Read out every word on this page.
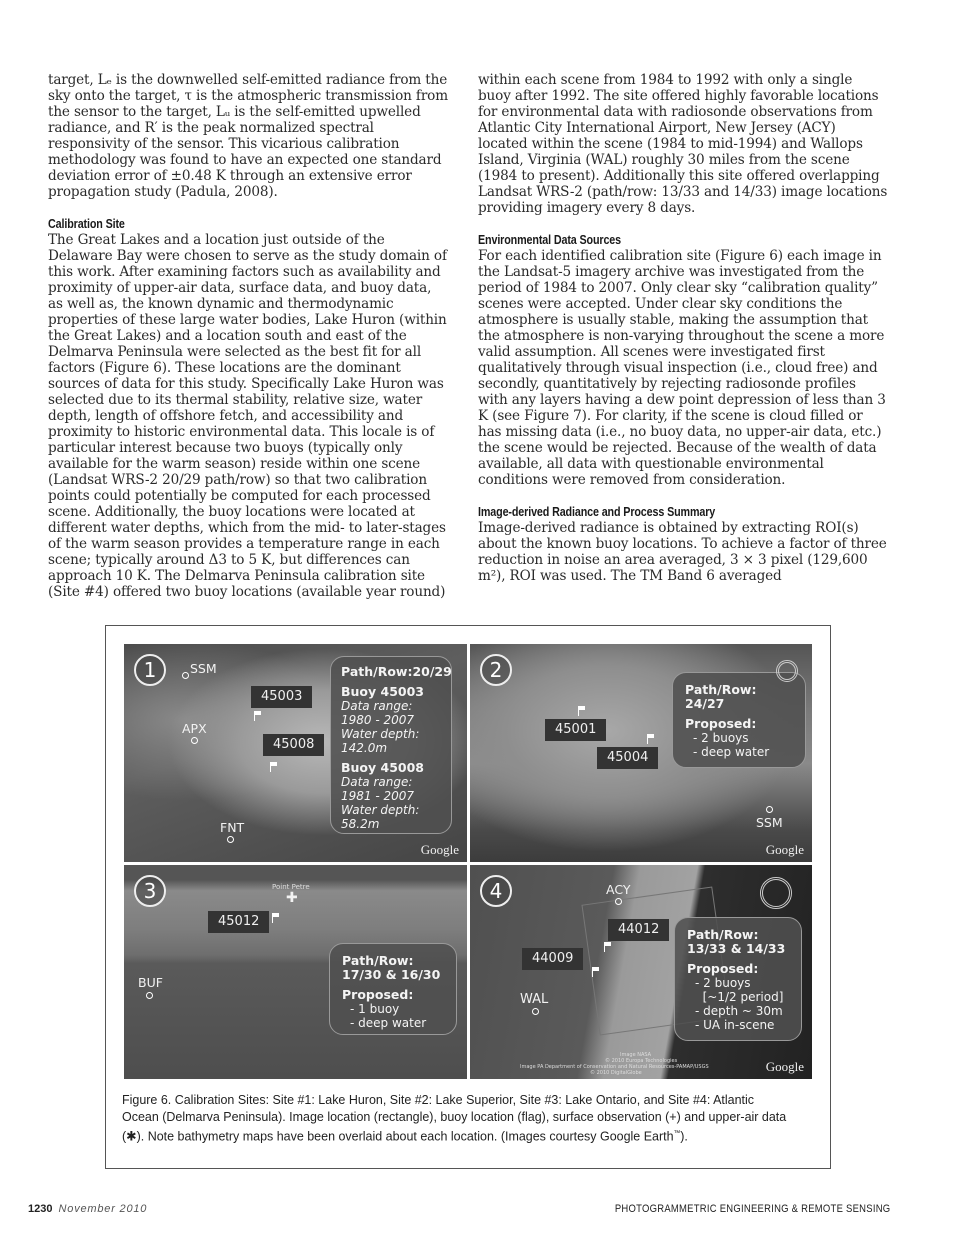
target, Lₑ is the downwelled self-emitted radiance from the sky onto the target, τ is the atmospheric transmission from the sensor to the target, Lᵤ is the self-emitted upwelled radiance, and R′ is the peak normalized spectral responsivity of the sensor. This vicarious calibration methodology was found to have an expected one standard deviation error of ±0.48 K through an extensive error propagation study (Padula, 2008).

Calibration Site

The Great Lakes and a location just outside of the Delaware Bay were chosen to serve as the study domain of this work. After examining factors such as availability and proximity of upper-air data, surface data, and buoy data, as well as, the known dynamic and thermodynamic properties of these large water bodies, Lake Huron (within the Great Lakes) and a location south and east of the Delmarva Peninsula were selected as the best fit for all factors (Figure 6). These locations are the dominant sources of data for this study. Specifically Lake Huron was selected due to its thermal stability, relative size, water depth, length of offshore fetch, and accessibility and proximity to historic environmental data. This locale is of particular interest because two buoys (typically only available for the warm season) reside within one scene (Landsat WRS-2 20/29 path/row) so that two calibration points could potentially be computed for each processed scene. Additionally, the buoy locations were located at different water depths, which from the mid- to later-stages of the warm season provides a temperature range in each scene; typically around Δ3 to 5 K, but differences can approach 10 K. The Delmarva Peninsula calibration site (Site #4) offered two buoy locations (available year round)

within each scene from 1984 to 1992 with only a single buoy after 1992. The site offered highly favorable locations for environmental data with radiosonde observations from Atlantic City International Airport, New Jersey (ACY) located within the scene (1984 to mid-1994) and Wallops Island, Virginia (WAL) roughly 30 miles from the scene (1984 to present). Additionally this site offered overlapping Landsat WRS-2 (path/row: 13/33 and 14/33) image locations providing imagery every 8 days.

Environmental Data Sources

For each identified calibration site (Figure 6) each image in the Landsat-5 imagery archive was investigated from the period of 1984 to 2007. Only clear sky “calibration quality” scenes were accepted. Under clear sky conditions the atmosphere is usually stable, making the assumption that the atmosphere is non-varying throughout the scene a more valid assumption. All scenes were investigated first qualitatively through visual inspection (i.e., cloud free) and secondly, quantitatively by rejecting radiosonde profiles with any layers having a dew point depression of less than 3 K (see Figure 7). For clarity, if the scene is cloud filled or has missing data (i.e., no buoy data, no upper-air data, etc.) the scene would be rejected. Because of the wealth of data available, all data with questionable environmental conditions were removed from consideration.

Image-derived Radiance and Process Summary

Image-derived radiance is obtained by extracting ROI(s) about the known buoy locations. To achieve a factor of three reduction in noise an area averaged, 3 × 3 pixel (129,600 m²), ROI was used. The TM Band 6 averaged

1	SSM
APX
FNT
45003
45008
Path/Row:20/29
Buoy 45003
Data range:
1980 - 2007
Water depth:
142.0m
Buoy 45008
Data range:
1981 - 2007
Water depth:
58.2m
Google
2
45001
45004
Path/Row:
24/27
Proposed:
- 2 buoys
- deep water
SSM
Google
3	Point Petre
✚
45012
BUF
Path/Row:
17/30 & 16/30
Proposed:
- 1 buoy
- deep water
4	ACY
44012
44009
WAL
Path/Row:
13/33 & 14/33
Proposed:
- 2 buoys
[~1/2 period]
- depth ~ 30m
- UA in-scene
Image NASA
© 2010 Europa Technologies
Image PA Department of Conservation and Natural Resources-PAMAP/USGS
© 2010 DigitalGlobe	Google
Figure 6. Calibration Sites: Site #1: Lake Huron, Site #2: Lake Superior, Site #3: Lake Ontario, and Site #4: Atlantic Ocean (Delmarva Peninsula). Image location (rectangle), buoy location (flag), surface observation (+) and upper-air data (✱). Note bathymetry maps have been overlaid about each location. (Images courtesy Google Earth™).
1230 November 2010	PHOTOGRAMMETRIC ENGINEERING & REMOTE SENSING
